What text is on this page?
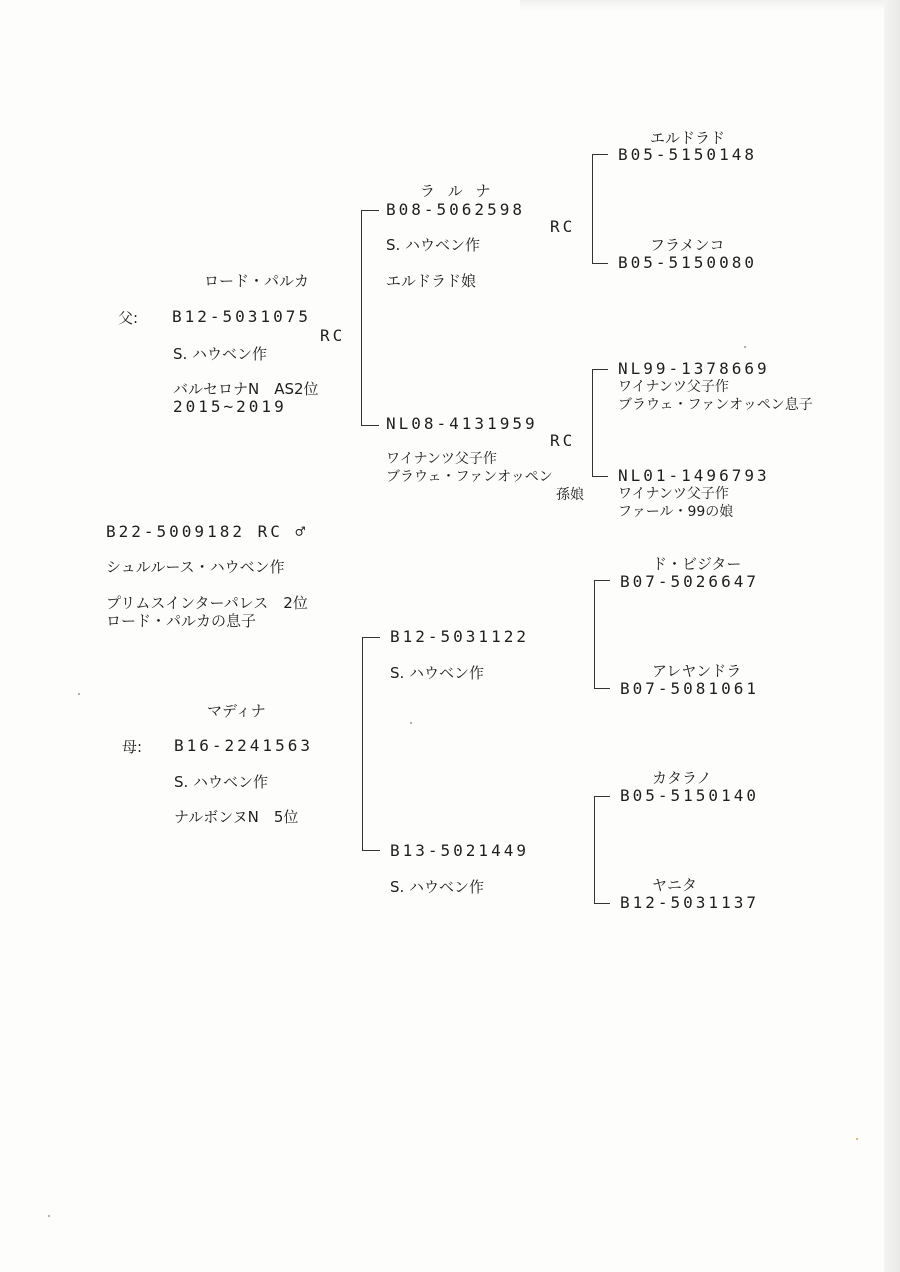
B22-5009182 RC ♂
シュルルース・ハウベン作
プリムスインターパレス　2位
ロード・パルカの息子
ロード・パルカ
父: B12-5031075
RC
S. ハウベン作
バルセロナN　AS2位
2015~2019
ラ ル ナ
B08-5062598
RC
S. ハウベン作
エルドラド娘
エルドラド
B05-5150148
フラメンコ
B05-5150080
NL08-4131959
RC
ワイナンツ父子作
ブラウェ・ファンオッペン
孫娘
NL99-1378669
ワイナンツ父子作
ブラウェ・ファンオッペン息子
NL01-1496793
ワイナンツ父子作
ファール・99の娘
マディナ
母: B16-2241563
S. ハウベン作
ナルボンヌN　5位
B12-5031122
S. ハウベン作
ド・ビジター
B07-5026647
アレヤンドラ
B07-5081061
B13-5021449
S. ハウベン作
カタラノ
B05-5150140
ヤニタ
B12-5031137
